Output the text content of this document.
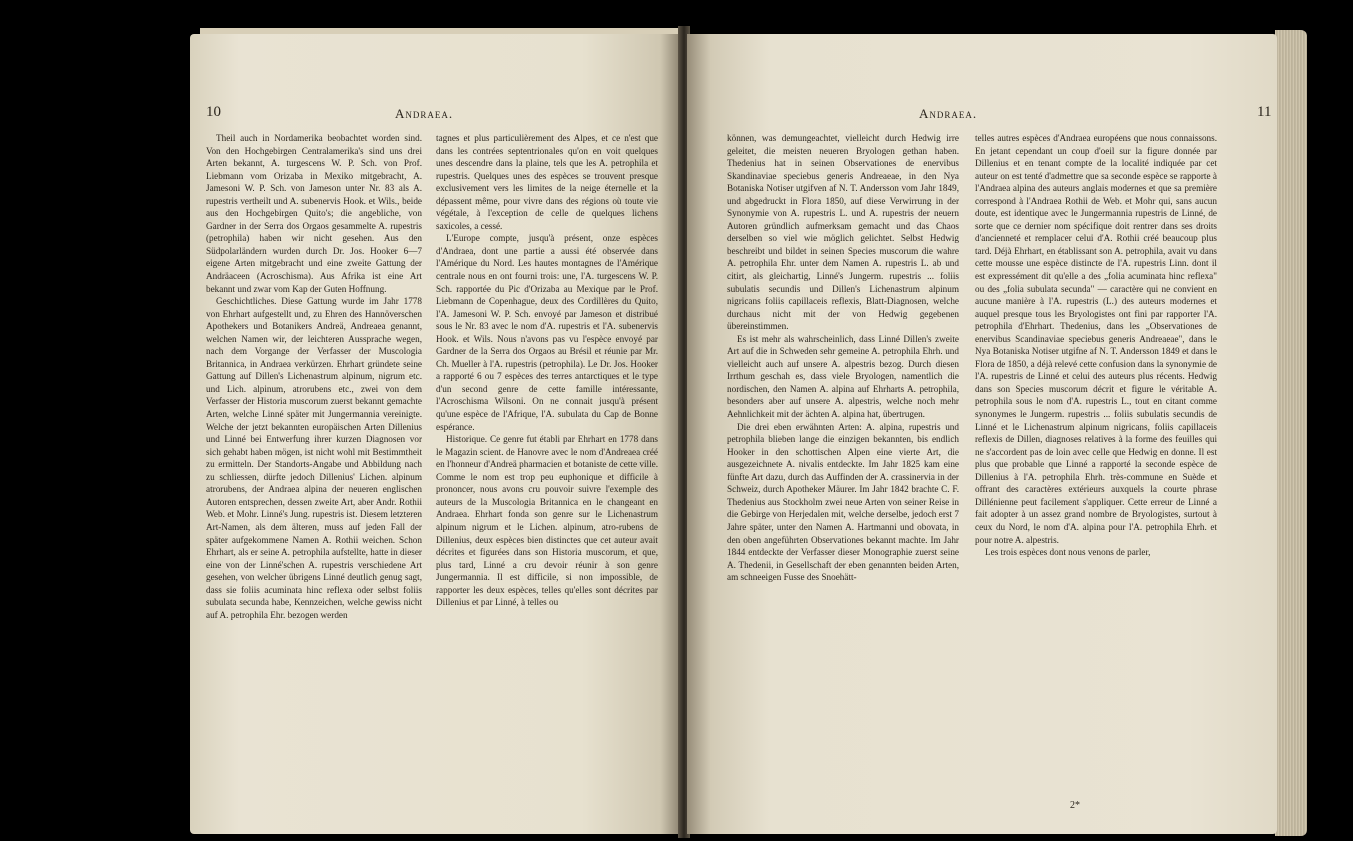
10	Andraea.

Theil auch in Nordamerika beobachtet worden sind. Von den Hochgebirgen Centralamerika's sind uns drei Arten bekannt, A. turgescens W. P. Sch. von Prof. Liebmann vom Orizaba in Mexiko mitgebracht, A. Jamesoni W. P. Sch. von Jameson unter Nr. 83 als A. rupestris vertheilt und A. subenervis Hook. et Wils., beide aus den Hochgebirgen Quito's; die angebliche, von Gardner in der Serra dos Orgaos gesammelte A. rupestris (petrophila) haben wir nicht gesehen. Aus den Südpolarländern wurden durch Dr. Jos. Hooker 6—7 eigene Arten mitgebracht und eine zweite Gattung der Andräaceen (Acroschisma). Aus Afrika ist eine Art bekannt und zwar vom Kap der Guten Hoffnung.

Geschichtliches. Diese Gattung wurde im Jahr 1778 von Ehrhart aufgestellt und, zu Ehren des Hannöverschen Apothekers und Botanikers Andreä, Andreaea genannt, welchen Namen wir, der leichteren Aussprache wegen, nach dem Vorgange der Verfasser der Muscologia Britannica, in Andraea verkürzen. Ehrhart gründete seine Gattung auf Dillen's Lichenastrum alpinum, nigrum etc. und Lich. alpinum, atrorubens etc., zwei von dem Verfasser der Historia muscorum zuerst bekannt gemachte Arten, welche Linné später mit Jungermannia vereinigte. Welche der jetzt bekannten europäischen Arten Dillenius und Linné bei Entwerfung ihrer kurzen Diagnosen vor sich gehabt haben mögen, ist nicht wohl mit Bestimmtheit zu ermitteln. Der Standorts-Angabe und Abbildung nach zu schliessen, dürfte jedoch Dillenius' Lichen. alpinum atrorubens, der Andraea alpina der neueren englischen Autoren entsprechen, dessen zweite Art, aber Andr. Rothii Web. et Mohr. Linné's Jung. rupestris ist. Diesem letzteren Art-Namen, als dem älteren, muss auf jeden Fall der später aufgekommene Namen A. Rothii weichen. Schon Ehrhart, als er seine A. petrophila aufstellte, hatte in dieser eine von der Linné'schen A. rupestris verschiedene Art gesehen, von welcher übrigens Linné deutlich genug sagt, dass sie foliis acuminata hinc reflexa oder selbst foliis subulata secunda habe, Kennzeichen, welche gewiss nicht auf A. petrophila Ehr. bezogen werden

tagnes et plus particulièrement des Alpes, et ce n'est que dans les contrées septentrionales qu'on en voit quelques unes descendre dans la plaine, tels que les A. petrophila et rupestris. Quelques unes des espèces se trouvent presque exclusivement vers les limites de la neige éternelle et la dépassent même, pour vivre dans des régions où toute vie végétale, à l'exception de celle de quelques lichens saxicoles, a cessé.

L'Europe compte, jusqu'à présent, onze espèces d'Andraea, dont une partie a aussi été observée dans l'Amérique du Nord. Les hautes montagnes de l'Amérique centrale nous en ont fourni trois: une, l'A. turgescens W. P. Sch. rapportée du Pic d'Orizaba au Mexique par le Prof. Liebmann de Copenhague, deux des Cordillères du Quito, l'A. Jamesoni W. P. Sch. envoyé par Jameson et distribué sous le Nr. 83 avec le nom d'A. rupestris et l'A. subenervis Hook. et Wils. Nous n'avons pas vu l'espèce envoyé par Gardner de la Serra dos Orgaos au Brésil et réunie par Mr. Ch. Mueller à l'A. rupestris (petrophila). Le Dr. Jos. Hooker a rapporté 6 ou 7 espèces des terres antarctiques et le type d'un second genre de cette famille intéressante, l'Acroschisma Wilsoni. On ne connait jusqu'à présent qu'une espèce de l'Afrique, l'A. subulata du Cap de Bonne espérance.

Historique. Ce genre fut établi par Ehrhart en 1778 dans le Magazin scient. de Hanovre avec le nom d'Andreaea créé en l'honneur d'Andreä pharmacien et botaniste de cette ville. Comme le nom est trop peu euphonique et difficile à prononcer, nous avons cru pouvoir suivre l'exemple des auteurs de la Muscologia Britannica en le changeant en Andraea. Ehrhart fonda son genre sur le Lichenastrum alpinum nigrum et le Lichen. alpinum, atro-rubens de Dillenius, deux espèces bien distinctes que cet auteur avait décrites et figurées dans son Historia muscorum, et que, plus tard, Linné a cru devoir réunir à son genre Jungermannia. Il est difficile, si non impossible, de rapporter les deux espèces, telles qu'elles sont décrites par Dillenius et par Linné, à telles ou

Andraea.	11

können, was demungeachtet, vielleicht durch Hedwig irre geleitet, die meisten neueren Bryologen gethan haben. Thedenius hat in seinen Observationes de enervibus Skandinaviae speciebus generis Andreaeae, in den Nya Botaniska Notiser utgifven af N. T. Andersson vom Jahr 1849, und abgedruckt in Flora 1850, auf diese Verwirrung in der Synonymie von A. rupestris L. und A. rupestris der neuern Autoren gründlich aufmerksam gemacht und das Chaos derselben so viel wie möglich gelichtet. Selbst Hedwig beschreibt und bildet in seinen Species muscorum die wahre A. petrophila Ehr. unter dem Namen A. rupestris L. ab und citirt, als gleichartig, Linné's Jungerm. rupestris ... foliis subulatis secundis und Dillen's Lichenastrum alpinum nigricans foliis capillaceis reflexis, Blatt-Diagnosen, welche durchaus nicht mit der von Hedwig gegebenen übereinstimmen.

Es ist mehr als wahrscheinlich, dass Linné Dillen's zweite Art auf die in Schweden sehr gemeine A. petrophila Ehrh. und vielleicht auch auf unsere A. alpestris bezog. Durch diesen Irrthum geschah es, dass viele Bryologen, namentlich die nordischen, den Namen A. alpina auf Ehrharts A. petrophila, besonders aber auf unsere A. alpestris, welche noch mehr Aehnlichkeit mit der ächten A. alpina hat, übertrugen.

Die drei eben erwähnten Arten: A. alpina, rupestris und petrophila blieben lange die einzigen bekannten, bis endlich Hooker in den schottischen Alpen eine vierte Art, die ausgezeichnete A. nivalis entdeckte. Im Jahr 1825 kam eine fünfte Art dazu, durch das Auffinden der A. crassinervia in der Schweiz, durch Apotheker Mäurer. Im Jahr 1842 brachte C. F. Thedenius aus Stockholm zwei neue Arten von seiner Reise in die Gebirge von Herjedalen mit, welche derselbe, jedoch erst 7 Jahre später, unter den Namen A. Hartmanni und obovata, in den oben angeführten Observationes bekannt machte. Im Jahr 1844 entdeckte der Verfasser dieser Monographie zuerst seine A. Thedenii, in Gesellschaft der eben genannten beiden Arten, am schneeigen Fusse des Snoehätt-

telles autres espèces d'Andraea européens que nous connaissons. En jetant cependant un coup d'oeil sur la figure donnée par Dillenius et en tenant compte de la localité indiquée par cet auteur on est tenté d'admettre que sa seconde espèce se rapporte à l'Andraea alpina des auteurs anglais modernes et que sa première correspond à l'Andraea Rothii de Web. et Mohr qui, sans aucun doute, est identique avec le Jungermannia rupestris de Linné, de sorte que ce dernier nom spécifique doit rentrer dans ses droits d'ancienneté et remplacer celui d'A. Rothii créé beaucoup plus tard. Déjà Ehrhart, en établissant son A. petrophila, avait vu dans cette mousse une espèce distincte de l'A. rupestris Linn. dont il est expressément dit qu'elle a des „folia acuminata hinc reflexa" ou des „folia subulata secunda" — caractère qui ne convient en aucune manière à l'A. rupestris (L.) des auteurs modernes et auquel presque tous les Bryologistes ont fini par rapporter l'A. petrophila d'Ehrhart. Thedenius, dans les „Observationes de enervibus Scandinaviae speciebus generis Andreaeae", dans le Nya Botaniska Notiser utgifne af N. T. Andersson 1849 et dans le Flora de 1850, a déjà relevé cette confusion dans la synonymie de l'A. rupestris de Linné et celui des auteurs plus récents. Hedwig dans son Species muscorum décrit et figure le véritable A. petrophila sous le nom d'A. rupestris L., tout en citant comme synonymes le Jungerm. rupestris ... foliis subulatis secundis de Linné et le Lichenastrum alpinum nigricans, foliis capillaceis reflexis de Dillen, diagnoses relatives à la forme des feuilles qui ne s'accordent pas de loin avec celle que Hedwig en donne. Il est plus que probable que Linné a rapporté la seconde espèce de Dillenius à l'A. petrophila Ehrh. très-commune en Suède et offrant des caractères extérieurs auxquels la courte phrase Dillénienne peut facilement s'appliquer. Cette erreur de Linné a fait adopter à un assez grand nombre de Bryologistes, surtout à ceux du Nord, le nom d'A. alpina pour l'A. petrophila Ehrh. et pour notre A. alpestris.

Les trois espèces dont nous venons de parler,

2*
